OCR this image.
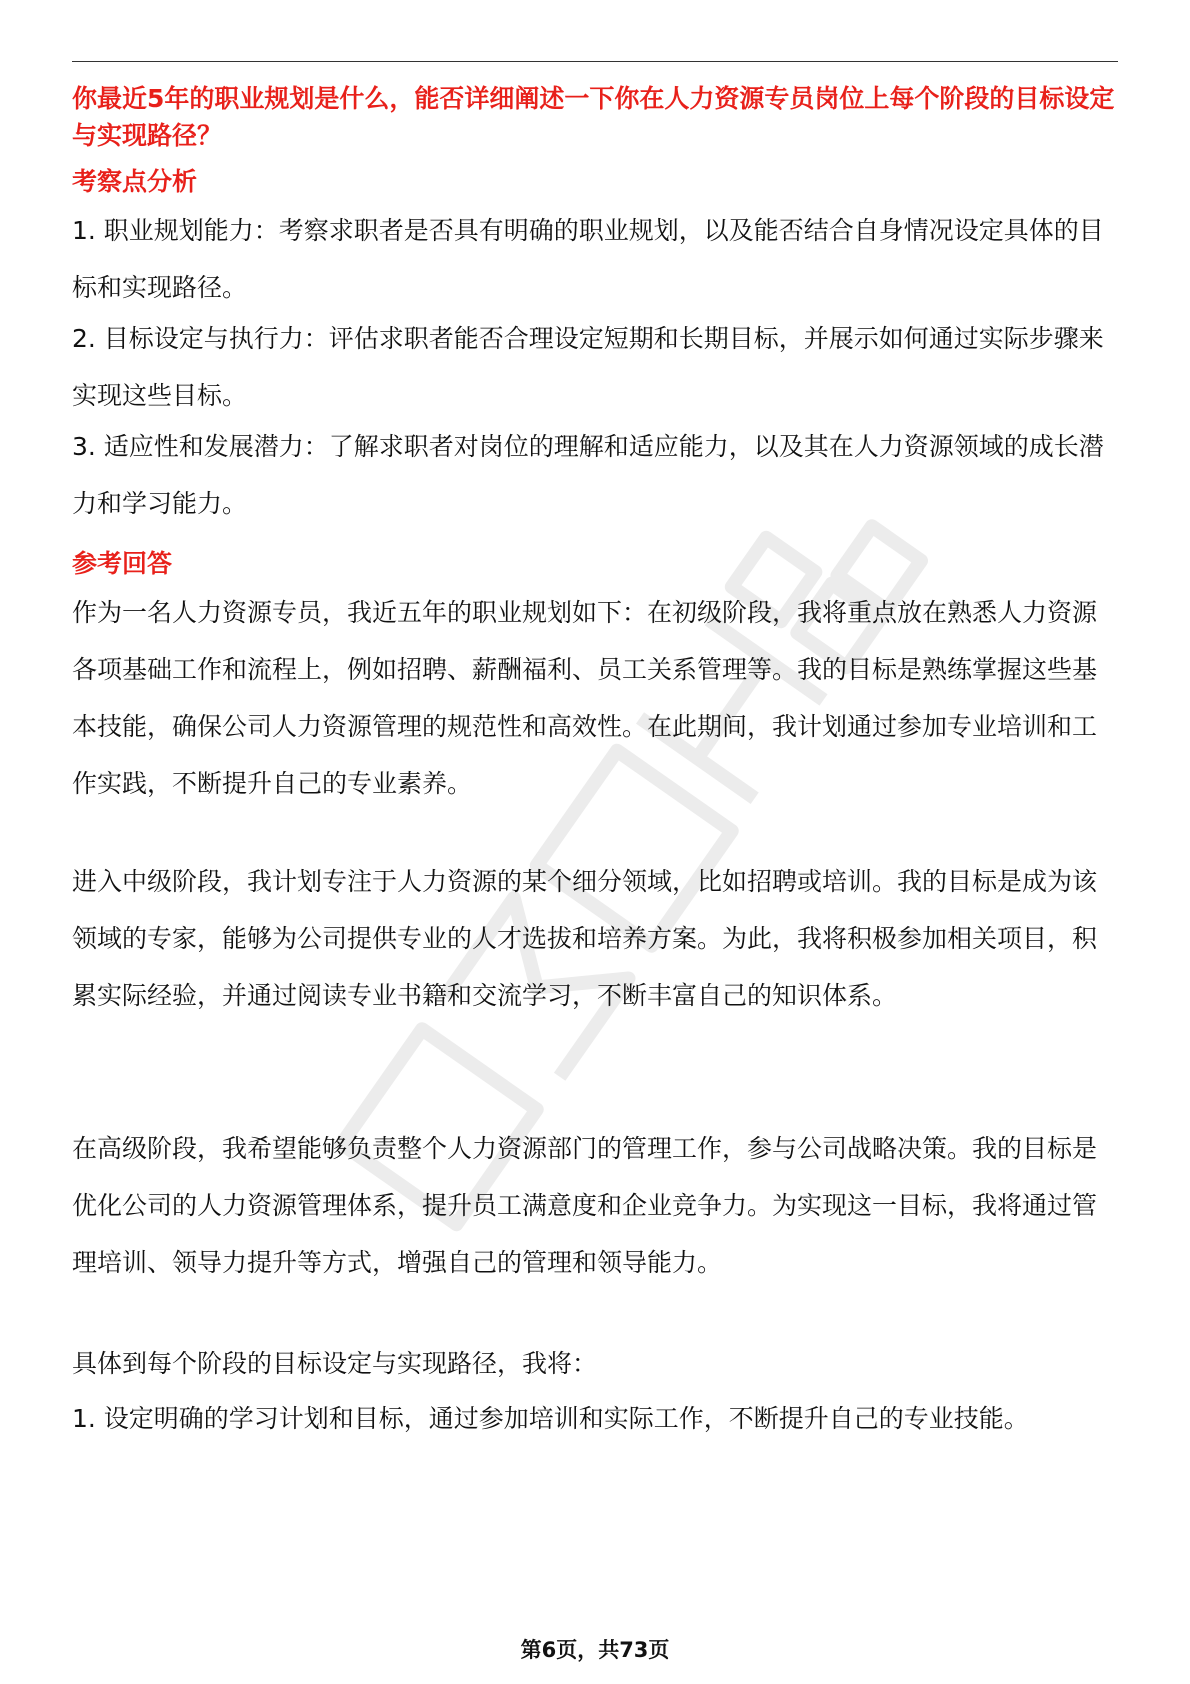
你最近5年的职业规划是什么，能否详细阐述一下你在人力资源专员岗位上每个阶段的目标设定与实现路径？

考察点分析

1. 职业规划能力：考察求职者是否具有明确的职业规划，以及能否结合自身情况设定具体的目标和实现路径。

2. 目标设定与执行力：评估求职者能否合理设定短期和长期目标，并展示如何通过实际步骤来实现这些目标。

3. 适应性和发展潜力：了解求职者对岗位的理解和适应能力，以及其在人力资源领域的成长潜力和学习能力。

参考回答

作为一名人力资源专员，我近五年的职业规划如下：在初级阶段，我将重点放在熟悉人力资源各项基础工作和流程上，例如招聘、薪酬福利、员工关系管理等。我的目标是熟练掌握这些基本技能，确保公司人力资源管理的规范性和高效性。在此期间，我计划通过参加专业培训和工作实践，不断提升自己的专业素养。

进入中级阶段，我计划专注于人力资源的某个细分领域，比如招聘或培训。我的目标是成为该领域的专家，能够为公司提供专业的人才选拔和培养方案。为此，我将积极参加相关项目，积累实际经验，并通过阅读专业书籍和交流学习，不断丰富自己的知识体系。

在高级阶段，我希望能够负责整个人力资源部门的管理工作，参与公司战略决策。我的目标是优化公司的人力资源管理体系，提升员工满意度和企业竞争力。为实现这一目标，我将通过管理培训、领导力提升等方式，增强自己的管理和领导能力。

具体到每个阶段的目标设定与实现路径，我将：

1. 设定明确的学习计划和目标，通过参加培训和实际工作，不断提升自己的专业技能。

第6页，共73页
